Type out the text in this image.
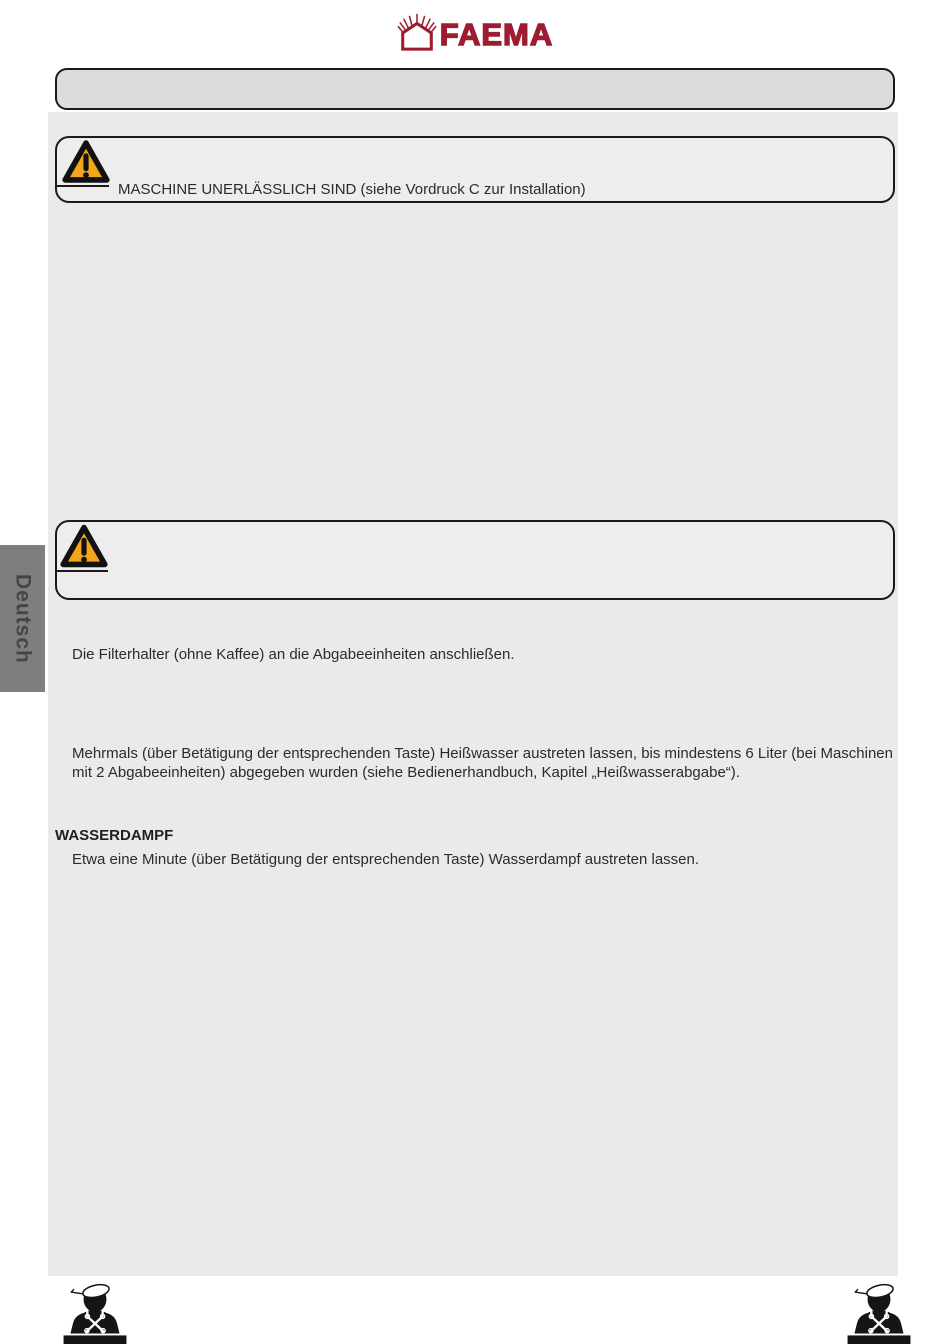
FAEMA
MASCHINE UNERLÄSSLICH SIND (siehe Vordruck C zur Installation)
Deutsch	Die Filterhalter (ohne Kaffee) an die Abgabeeinheiten anschließen.
Mehrmals (über Betätigung der entsprechenden Taste) Heißwasser austreten lassen, bis mindestens 6 Liter (bei Maschinen mit 2 Abgabeeinheiten) abgegeben wurden (siehe Bedienerhandbuch, Kapitel „Heißwasserabgabe“).
WASSERDAMPF
Etwa eine Minute (über Betätigung der entsprechenden Taste) Wasserdampf austreten lassen.
